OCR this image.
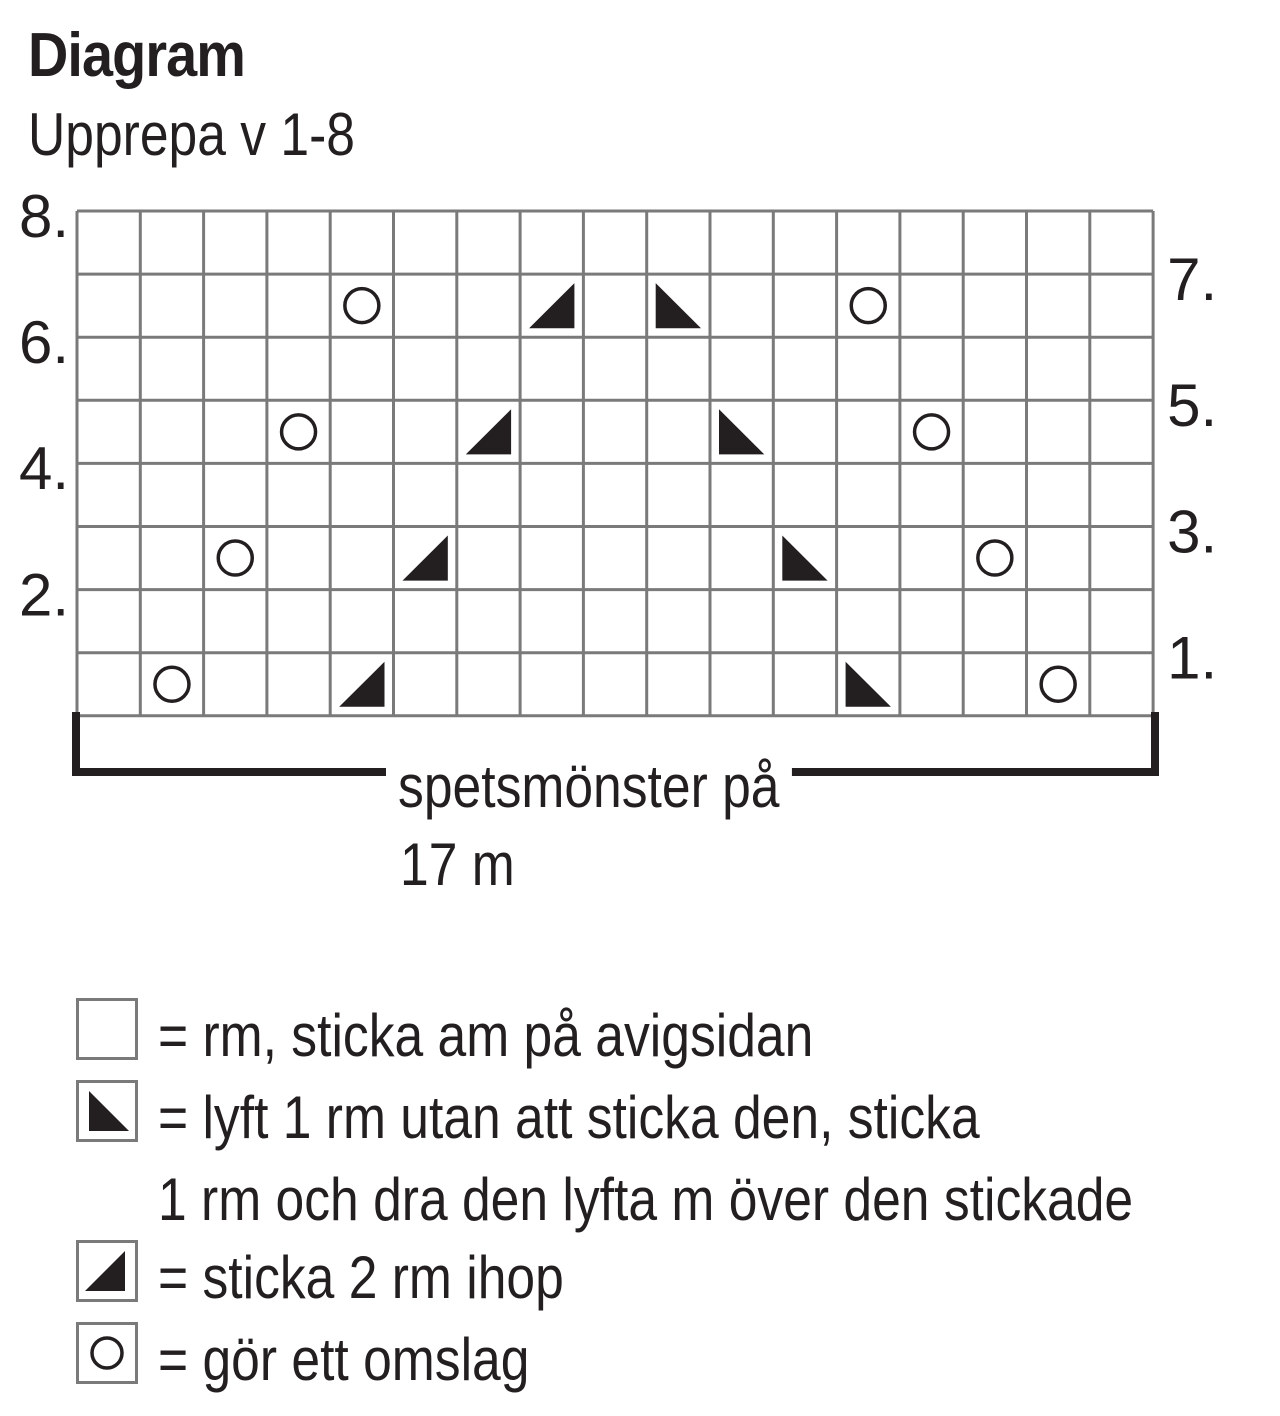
Diagram
Upprepa v 1-8
8.
7.
6.
5.
4.
3.
2.
1.
spetsmönster på
17 m
= rm, sticka am på avigsidan
= lyft 1 rm utan att sticka den, sticka
1 rm och dra den lyfta m över den stickade
= sticka 2 rm ihop
= gör ett omslag
